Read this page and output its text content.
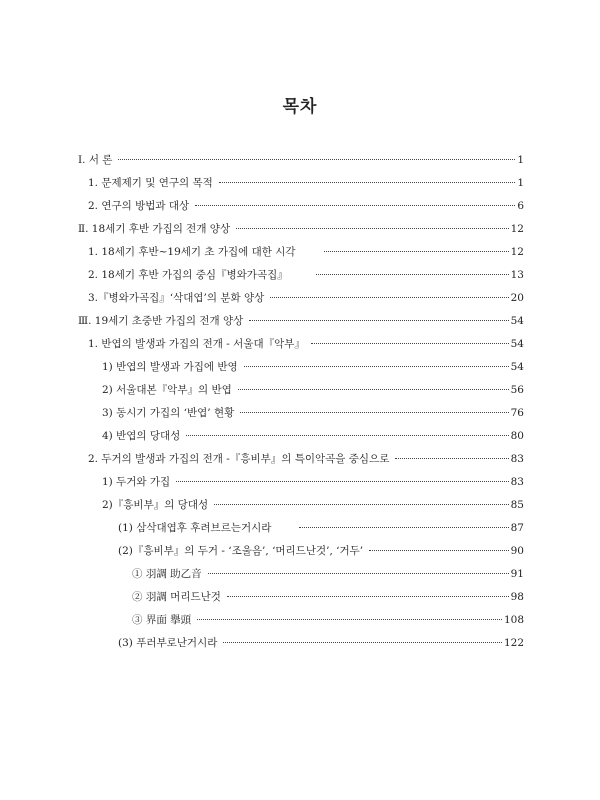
목차
Ⅰ. 서 론	1
1. 문제제기 및 연구의 목적	1
2. 연구의 방법과 대상	6
Ⅱ. 18세기 후반 가집의 전개 양상	12
1. 18세기 후반~19세기 초 가집에 대한 시각	12
2. 18세기 후반 가집의 중심『병와가곡집』	13
3.『병와가곡집』‘삭대엽’의 분화 양상	20
Ⅲ. 19세기 초중반 가집의 전개 양상	54
1. 반엽의 발생과 가집의 전개 - 서울대『악부』	54
1) 반엽의 발생과 가집에 반영	54
2) 서울대본『악부』의 반엽	56
3) 동시기 가집의 ‘반엽’ 현황	76
4) 반엽의 당대성	80
2. 두거의 발생과 가집의 전개 -『흥비부』의 특이악곡을 중심으로	83
1) 두거와 가집	83
2)『흥비부』의 당대성	85
(1) 삼삭대엽후 후려브르는거시라	87
(2)『흥비부』의 두거 - ‘조울음’, ‘머리드난것’, ‘거두’	90
① 羽調 助乙音	91
② 羽調 머리드난것	98
③ 界面 擧頭	108
(3) 푸러부로난거시라	122
